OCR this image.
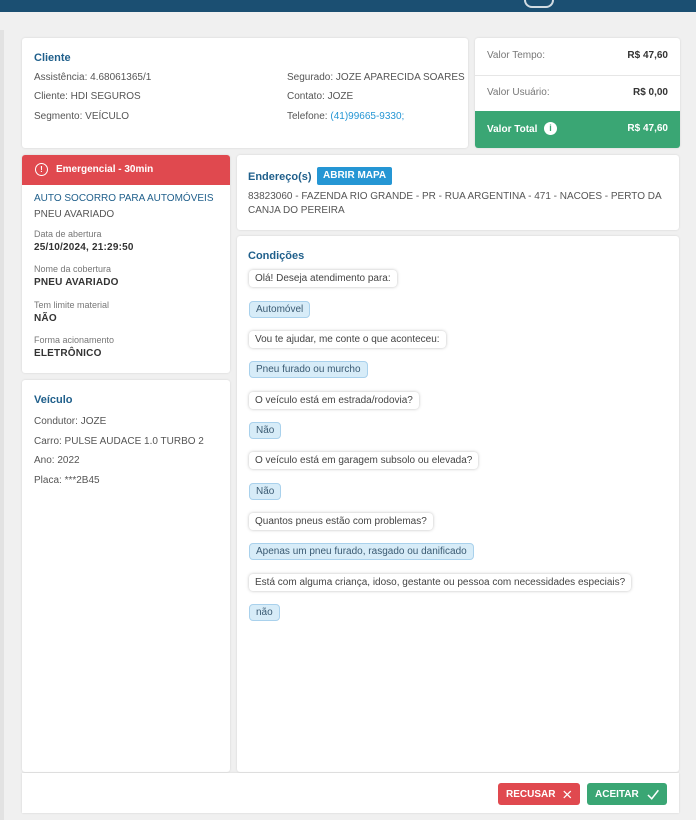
Cliente
Assistência: 4.68061365/1
Cliente: HDI SEGUROS
Segmento: VEÍCULO
Segurado: JOZE APARECIDA SOARES
Contato: JOZE
Telefone: (41)99665-9330;
Valor Tempo:	R$ 47,60
Valor Usuário:	R$ 0,00
Valor Total	i	R$ 47,60
!	Emergencial - 30min
AUTO SOCORRO PARA AUTOMÓVEIS
PNEU AVARIADO
Data de abertura
25/10/2024, 21:29:50
Nome da cobertura
PNEU AVARIADO
Tem limite material
NÃO
Forma acionamento
ELETRÔNICO
Veículo
Condutor: JOZE
Carro: PULSE AUDACE 1.0 TURBO 2
Ano: 2022
Placa: ***2B45
Endereço(s)	ABRIR MAPA
83823060 - FAZENDA RIO GRANDE - PR - RUA ARGENTINA - 471 - NACOES - PERTO DA
CANJA DO PEREIRA
Condições
Olá! Deseja atendimento para:
Automóvel
Vou te ajudar, me conte o que aconteceu:
Pneu furado ou murcho
O veículo está em estrada/rodovia?
Não
O veículo está em garagem subsolo ou elevada?
Não
Quantos pneus estão com problemas?
Apenas um pneu furado, rasgado ou danificado
Está com alguma criança, idoso, gestante ou pessoa com necessidades especiais?
não
RECUSAR	ACEITAR
